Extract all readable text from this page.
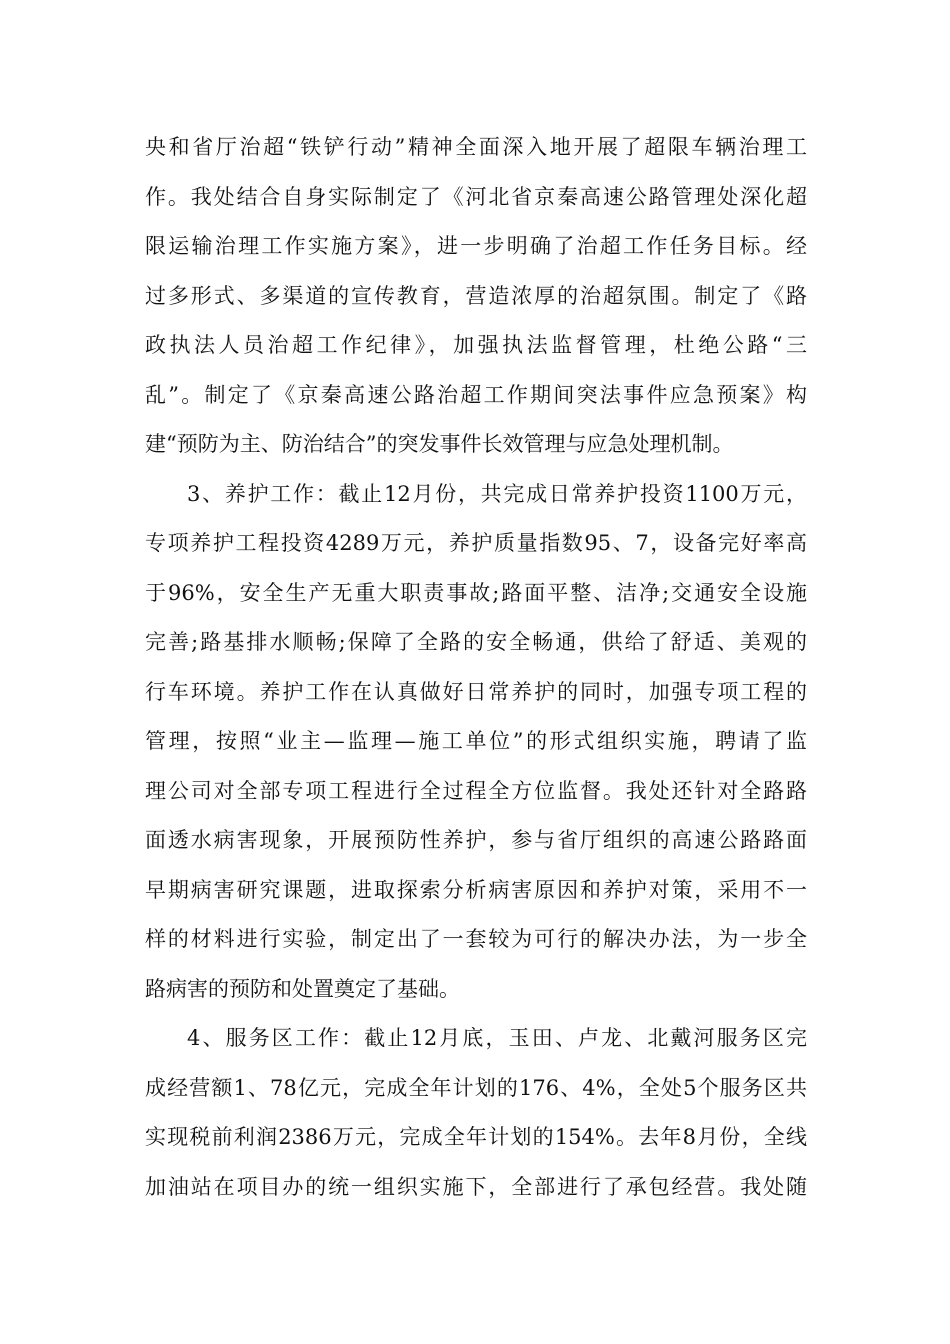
央和省厅治超“铁铲行动”精神全面深入地开展了超限车辆治理工
作。我处结合自身实际制定了《河北省京秦高速公路管理处深化超
限运输治理工作实施方案》，进一步明确了治超工作任务目标。经
过多形式、多渠道的宣传教育，营造浓厚的治超氛围。制定了《路
政执法人员治超工作纪律》，加强执法监督管理，杜绝公路“三
乱”。制定了《京秦高速公路治超工作期间突法事件应急预案》构
建“预防为主、防治结合”的突发事件长效管理与应急处理机制。
3、养护工作：截止12月份，共完成日常养护投资1100万元，
专项养护工程投资4289万元，养护质量指数95、7，设备完好率高
于96%，安全生产无重大职责事故;路面平整、洁净;交通安全设施
完善;路基排水顺畅;保障了全路的安全畅通，供给了舒适、美观的
行车环境。养护工作在认真做好日常养护的同时，加强专项工程的
管理，按照“业主—监理—施工单位”的形式组织实施，聘请了监
理公司对全部专项工程进行全过程全方位监督。我处还针对全路路
面透水病害现象，开展预防性养护，参与省厅组织的高速公路路面
早期病害研究课题，进取探索分析病害原因和养护对策，采用不一
样的材料进行实验，制定出了一套较为可行的解决办法，为一步全
路病害的预防和处置奠定了基础。
4、服务区工作：截止12月底，玉田、卢龙、北戴河服务区完
成经营额1、78亿元，完成全年计划的176、4%，全处5个服务区共
实现税前利润2386万元，完成全年计划的154%。去年8月份，全线
加油站在项目办的统一组织实施下，全部进行了承包经营。我处随
